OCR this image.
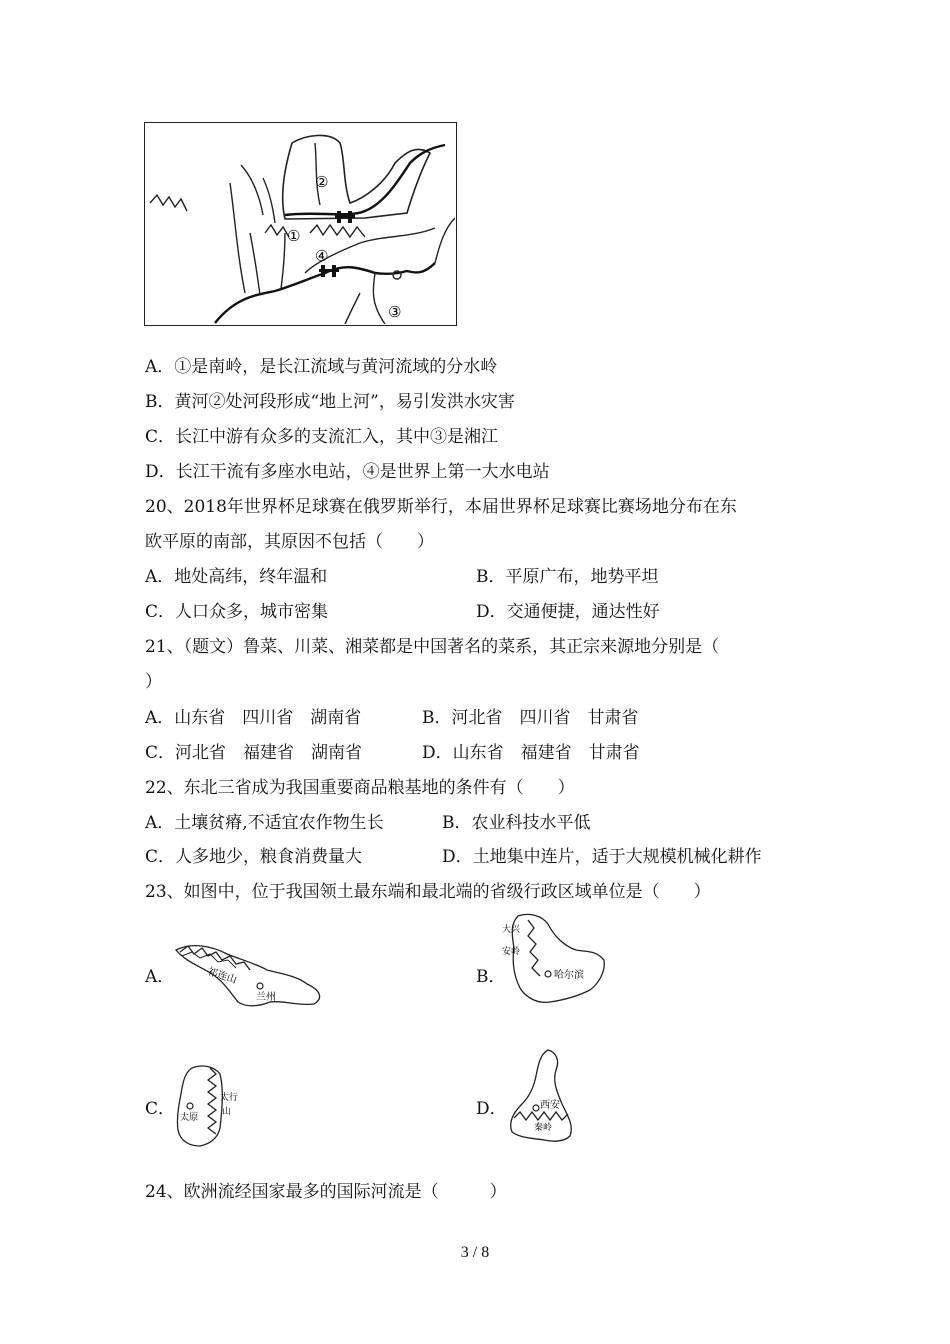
②
①
④
③
A．①是南岭，是长江流域与黄河流域的分水岭
B．黄河②处河段形成“地上河”，易引发洪水灾害
C．长江中游有众多的支流汇入，其中③是湘江
D．长江干流有多座水电站，④是世界上第一大水电站
20、2018年世界杯足球赛在俄罗斯举行，本届世界杯足球赛比赛场地分布在东
欧平原的南部，其原因不包括（　　）
A．地处高纬，终年温和	B．平原广布，地势平坦
C．人口众多，城市密集	D．交通便捷，通达性好
21、（题文）鲁菜、川菜、湘菜都是中国著名的菜系，其正宗来源地分别是（
）
A．山东省　四川省　湖南省	B．河北省　四川省　甘肃省
C．河北省　福建省　湖南省	D．山东省　福建省　甘肃省
22、东北三省成为我国重要商品粮基地的条件有（　　）
A．土壤贫瘠,不适宜农作物生长	B．农业科技水平低
C．人多地少，粮食消费量大	D．土地集中连片，适于大规模机械化耕作
23、如图中，位于我国领土最东端和最北端的省级行政区域单位是（　　）
A．	祁连山
兰州
B．
大兴
安岭
哈尔滨
C．
太行
山
太原	D．	西安
秦岭
24、欧洲流经国家最多的国际河流是（　　　）
3 / 8
